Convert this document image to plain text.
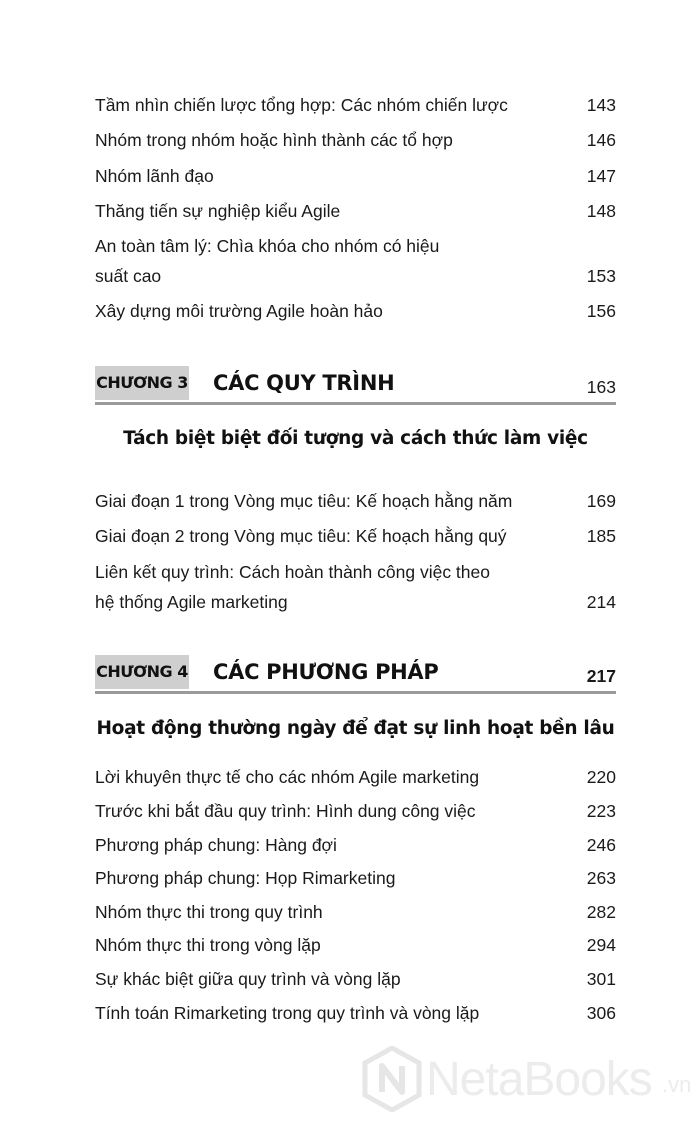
Tầm nhìn chiến lược tổng hợp: Các nhóm chiến lược	143
Nhóm trong nhóm hoặc hình thành các tổ hợp	146
Nhóm lãnh đạo	147
Thăng tiến sự nghiệp kiểu Agile	148
An toàn tâm lý: Chìa khóa cho nhóm có hiệu
suất cao	153
Xây dựng môi trường Agile hoàn hảo	156
CHƯƠNG 3 CÁC QUY TRÌNH	163
Tách biệt biệt đối tượng và cách thức làm việc
Giai đoạn 1 trong Vòng mục tiêu: Kế hoạch hằng năm	169
Giai đoạn 2 trong Vòng mục tiêu: Kế hoạch hằng quý	185
Liên kết quy trình: Cách hoàn thành công việc theo
hệ thống Agile marketing	214
CHƯƠNG 4 CÁC PHƯƠNG PHÁP	217
Hoạt động thường ngày để đạt sự linh hoạt bền lâu
Lời khuyên thực tế cho các nhóm Agile marketing	220
Trước khi bắt đầu quy trình: Hình dung công việc	223
Phương pháp chung: Hàng đợi	246
Phương pháp chung: Họp Rimarketing	263
Nhóm thực thi trong quy trình	282
Nhóm thực thi trong vòng lặp	294
Sự khác biệt giữa quy trình và vòng lặp	301
Tính toán Rimarketing trong quy trình và vòng lặp	306
NetaBooks .vn
